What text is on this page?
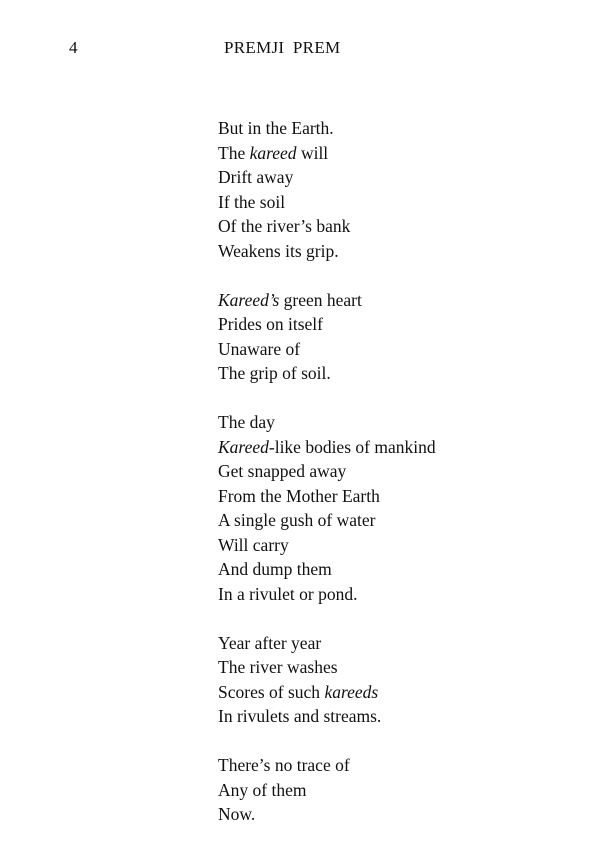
4	PREMJI PREM
But in the Earth.
The kareed will
Drift away
If the soil
Of the river’s bank
Weakens its grip.
Kareed’s green heart
Prides on itself
Unaware of
The grip of soil.
The day
Kareed-like bodies of mankind
Get snapped away
From the Mother Earth
A single gush of water
Will carry
And dump them
In a rivulet or pond.
Year after year
The river washes
Scores of such kareeds
In rivulets and streams.
There’s no trace of
Any of them
Now.
